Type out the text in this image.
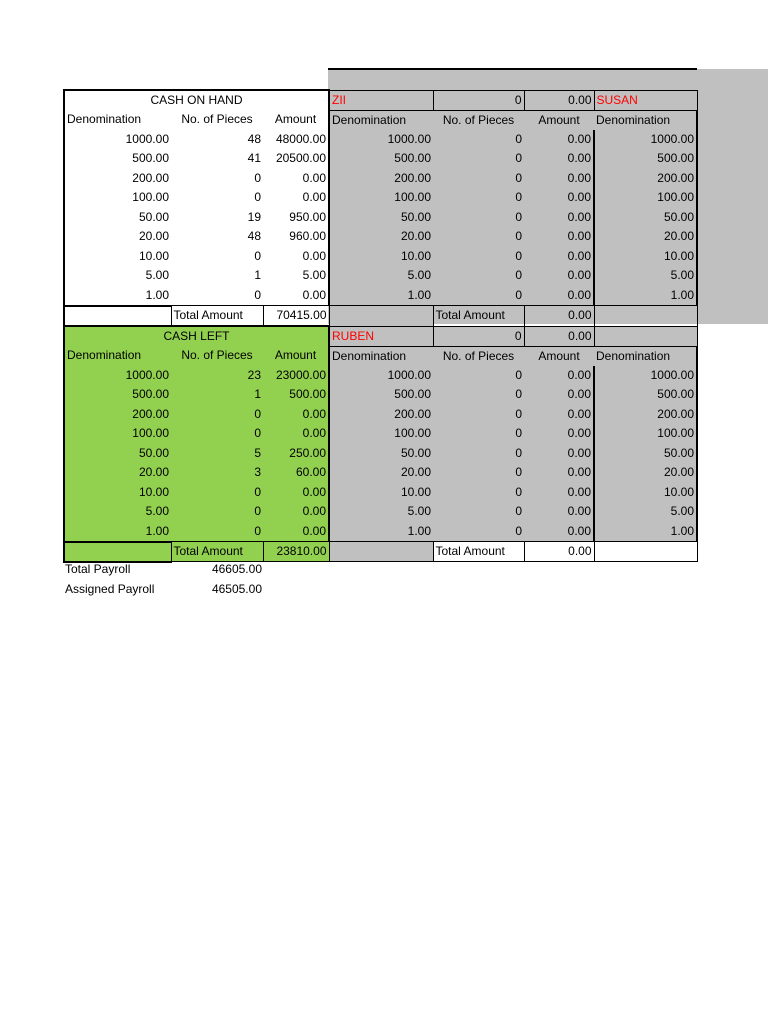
CASH ON HAND			ZII	0	0.00	SUSAN
Denomination	No. of Pieces	Amount	Denomination	No. of Pieces	Amount	Denomination
1000.00	48	48000.00	1000.00	0	0.00	1000.00
500.00	41	20500.00	500.00	0	0.00	500.00
200.00	0	0.00	200.00	0	0.00	200.00
100.00	0	0.00	100.00	0	0.00	100.00
50.00	19	950.00	50.00	0	0.00	50.00
20.00	48	960.00	20.00	0	0.00	20.00
10.00	0	0.00	10.00	0	0.00	10.00
5.00	1	5.00	5.00	0	0.00	5.00
1.00	0	0.00	1.00	0	0.00	1.00
	Total Amount	70415.00		Total Amount	0.00	
CASH LEFT			RUBEN	0	0.00	
Denomination	No. of Pieces	Amount	Denomination	No. of Pieces	Amount	Denomination
1000.00	23	23000.00	1000.00	0	0.00	1000.00
500.00	1	500.00	500.00	0	0.00	500.00
200.00	0	0.00	200.00	0	0.00	200.00
100.00	0	0.00	100.00	0	0.00	100.00
50.00	5	250.00	50.00	0	0.00	50.00
20.00	3	60.00	20.00	0	0.00	20.00
10.00	0	0.00	10.00	0	0.00	10.00
5.00	0	0.00	5.00	0	0.00	5.00
1.00	0	0.00	1.00	0	0.00	1.00
	Total Amount	23810.00		Total Amount	0.00	
Total Payroll	46605.00
Assigned Payroll	46505.00
